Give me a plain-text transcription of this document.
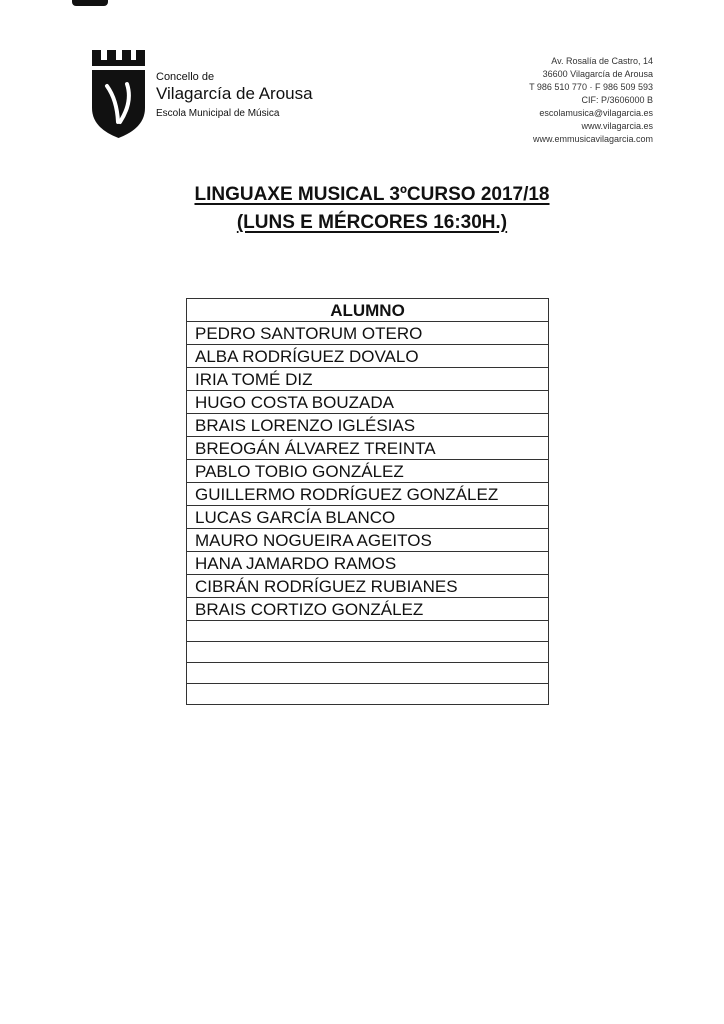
Concello de
Vilagarcía de Arousa
Escola Municipal de Música
Av. Rosalía de Castro, 14
36600 Vilagarcía de Arousa
T 986 510 770 · F 986 509 593
CIF: P/3606000 B
escolamusica@vilagarcia.es
www.vilagarcia.es
www.emmusicavilagarcia.com
LINGUAXE MUSICAL 3ºCURSO 2017/18
(LUNS E MÉRCORES 16:30H.)
ALUMNO
PEDRO SANTORUM OTERO
ALBA RODRÍGUEZ DOVALO
IRIA TOMÉ DIZ
HUGO COSTA BOUZADA
BRAIS LORENZO IGLÉSIAS
BREOGÁN ÁLVAREZ TREINTA
PABLO TOBIO GONZÁLEZ
GUILLERMO RODRÍGUEZ GONZÁLEZ
LUCAS GARCÍA BLANCO
MAURO NOGUEIRA AGEITOS
HANA JAMARDO RAMOS
CIBRÁN RODRÍGUEZ RUBIANES
BRAIS CORTIZO GONZÁLEZ
